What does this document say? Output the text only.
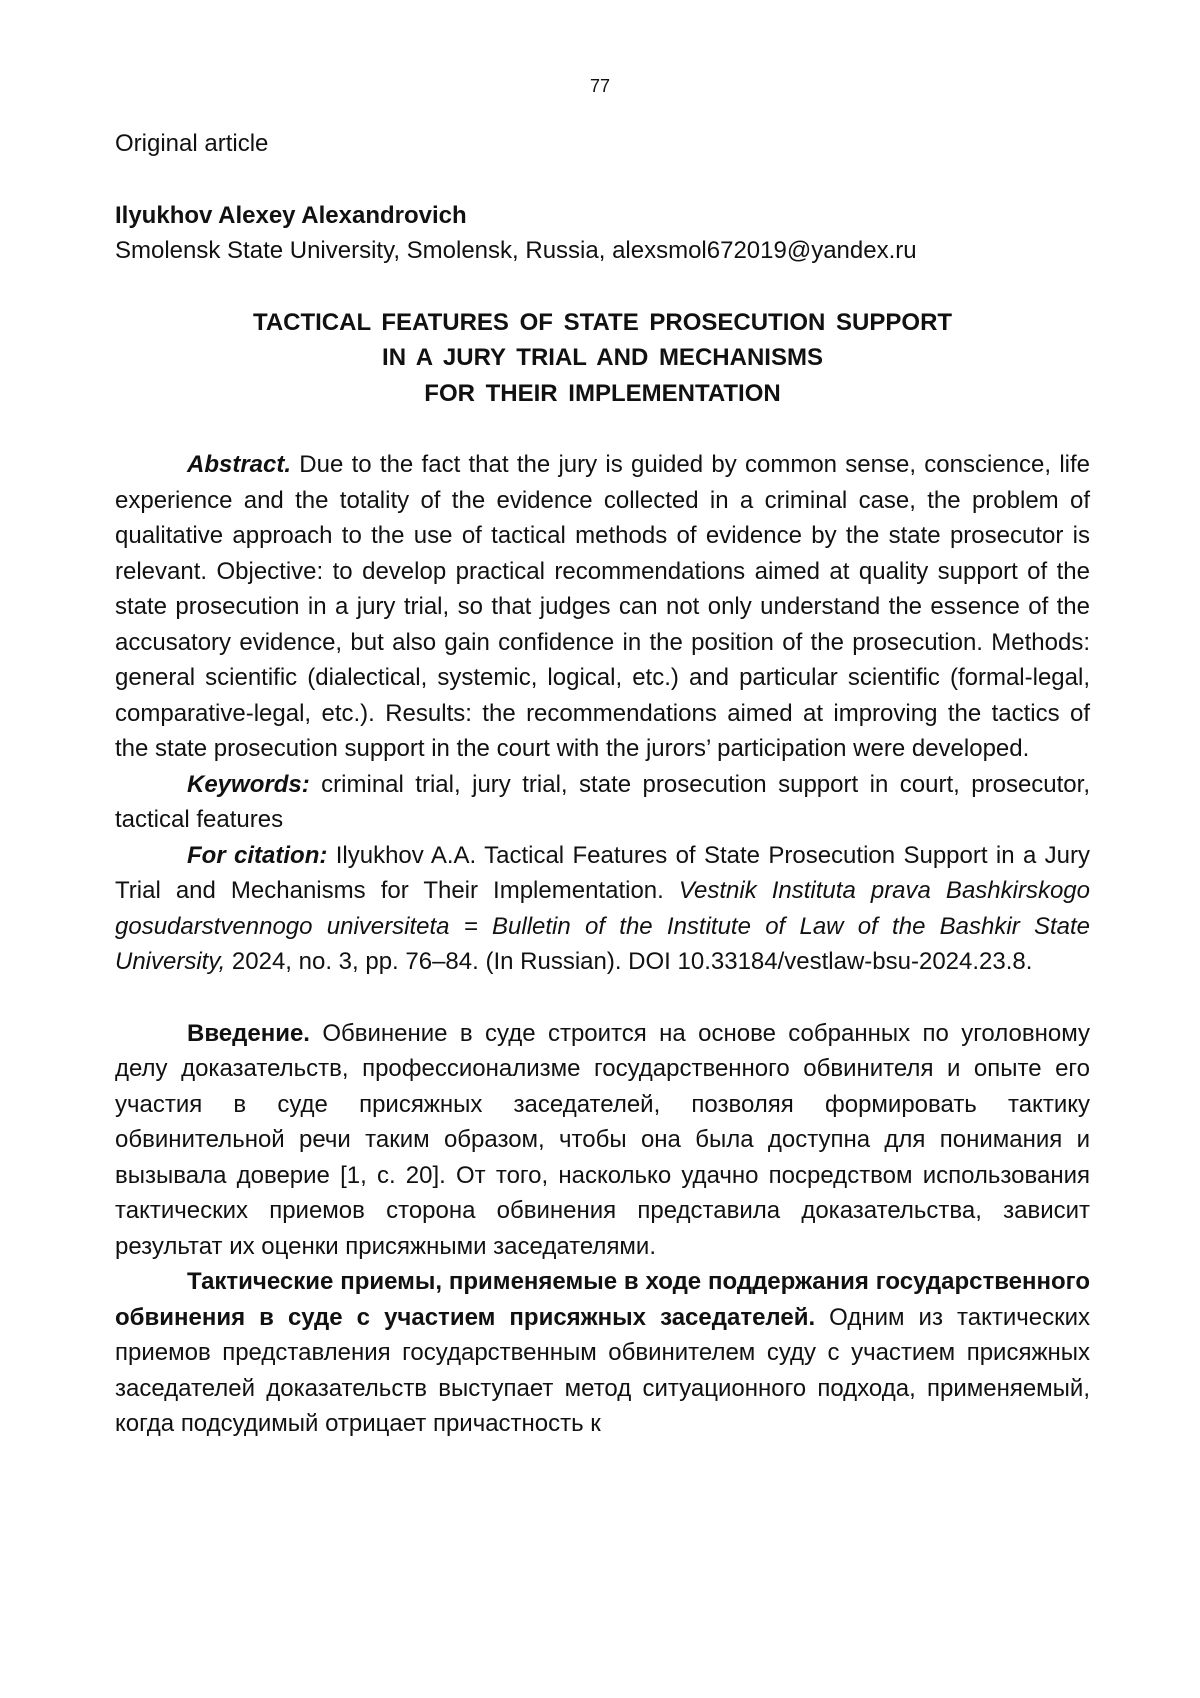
77

Original article

Ilyukhov Alexey Alexandrovich

Smolensk State University, Smolensk, Russia, alexsmol672019@yandex.ru

TACTICAL FEATURES OF STATE PROSECUTION SUPPORT
IN A JURY TRIAL AND MECHANISMS
FOR THEIR IMPLEMENTATION

Abstract. Due to the fact that the jury is guided by common sense, conscience, life experience and the totality of the evidence collected in a criminal case, the problem of qualitative approach to the use of tactical methods of evidence by the state prosecutor is relevant. Objective: to develop practical recommendations aimed at quality support of the state prosecution in a jury trial, so that judges can not only understand the essence of the accusatory evidence, but also gain confidence in the position of the prosecution. Methods: general scientific (dialectical, systemic, logical, etc.) and particular scientific (formal-legal, comparative-legal, etc.). Results: the recommendations aimed at improving the tactics of the state prosecution support in the court with the jurors’ participation were developed.

Keywords: criminal trial, jury trial, state prosecution support in court, prosecutor, tactical features

For citation: Ilyukhov A.A. Tactical Features of State Prosecution Support in a Jury Trial and Mechanisms for Their Implementation. Vestnik Instituta prava Bashkirskogo gosudarstvennogo universiteta = Bulletin of the Institute of Law of the Bashkir State University, 2024, no. 3, pp. 76–84. (In Russian). DOI 10.33184/vestlaw-bsu-2024.23.8.

Введение. Обвинение в суде строится на основе собранных по уголовному делу доказательств, профессионализме государственного обвинителя и опыте его участия в суде присяжных заседателей, позволяя формировать тактику обвинительной речи таким образом, чтобы она была доступна для понимания и вызывала доверие [1, с. 20]. От того, насколько удачно посредством использования тактических приемов сторона обвинения представила доказательства, зависит результат их оценки присяжными заседателями.

Тактические приемы, применяемые в ходе поддержания государственного обвинения в суде с участием присяжных заседателей. Одним из тактических приемов представления государственным обвинителем суду с участием присяжных заседателей доказательств выступает метод ситуационного подхода, применяемый, когда подсудимый отрицает причастность к
